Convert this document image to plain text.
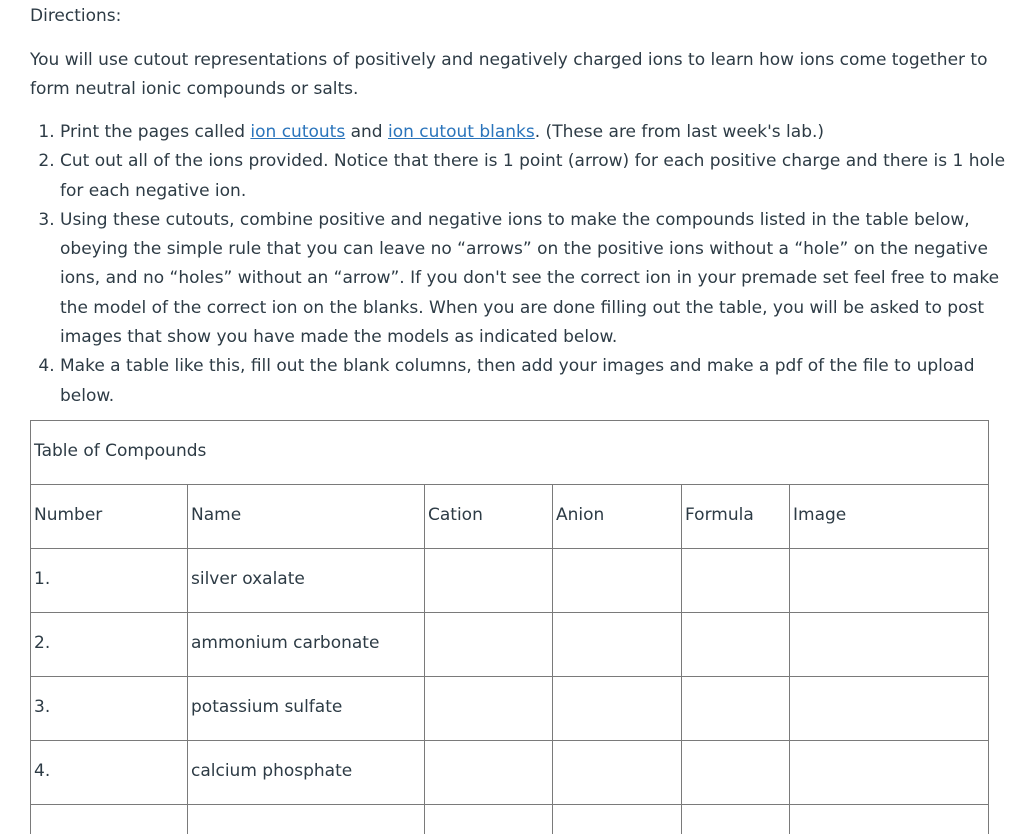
Directions:

You will use cutout representations of positively and negatively charged ions to learn how ions come together to form neutral ionic compounds or salts.

1. Print the pages called ion cutouts and ion cutout blanks. (These are from last week's lab.)
2. Cut out all of the ions provided. Notice that there is 1 point (arrow) for each positive charge and there is 1 hole for each negative ion.
3. Using these cutouts, combine positive and negative ions to make the compounds listed in the table below, obeying the simple rule that you can leave no “arrows” on the positive ions without a “hole” on the negative ions, and no “holes” without an “arrow”. If you don't see the correct ion in your premade set feel free to make the model of the correct ion on the blanks. When you are done filling out the table, you will be asked to post images that show you have made the models as indicated below.
4. Make a table like this, fill out the blank columns, then add your images and make a pdf of the file to upload below.
Table of Compounds					
Number	Name	Cation	Anion	Formula	Image
1.	silver oxalate				
2.	ammonium carbonate				
3.	potassium sulfate				
4.	calcium phosphate				
